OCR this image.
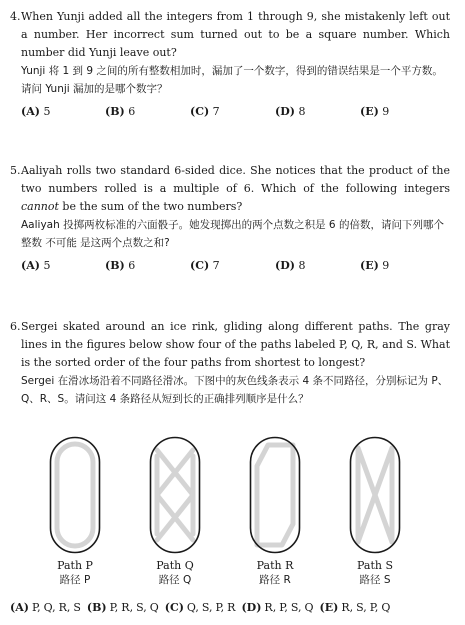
4. When Yunji added all the integers from 1 through 9, she mistakenly left out a number. Her incorrect sum turned out to be a square number. Which number did Yunji leave out?
Yunji 将 1 到 9 之间的所有整数相加时，漏加了一个数字，得到的错误结果是一个平方数。请问 Yunji 漏加的是哪个数字？
(A) 5	(B) 6	(C) 7	(D) 8	(E) 9
5. Aaliyah rolls two standard 6-sided dice. She notices that the product of the two numbers rolled is a multiple of 6. Which of the following integers cannot be the sum of the two numbers?
Aaliyah 投掷两枚标准的六面骰子。她发现掷出的两个点数之积是 6 的倍数，请问下列哪个整数 不可能 是这两个点数之和?
(A) 5	(B) 6	(C) 7	(D) 8	(E) 9
6. Sergei skated around an ice rink, gliding along different paths. The gray lines in the figures below show four of the paths labeled P, Q, R, and S. What is the sorted order of the four paths from shortest to longest?
Sergei 在滑冰场沿着不同路径滑冰。下图中的灰色线条表示 4 条不同路径，分别标记为 P、Q、R、S。请问这 4 条路径从短到长的正确排列顺序是什么？
Path P
路径 P
Path Q
路径 Q
Path R
路径 R
Path S
路径 S
(A) P, Q, R, S (B) P, R, S, Q (C) Q, S, P, R (D) R, P, S, Q (E) R, S, P, Q
